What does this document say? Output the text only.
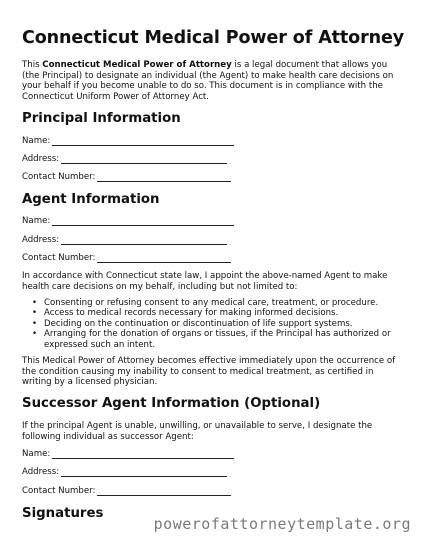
Connecticut Medical Power of Attorney

This Connecticut Medical Power of Attorney is a legal document that allows you (the Principal) to designate an individual (the Agent) to make health care decisions on your behalf if you become unable to do so. This document is in compliance with the Connecticut Uniform Power of Attorney Act.

Principal Information
Name:
Address:
Contact Number:
Agent Information
Name:
Address:
Contact Number:

In accordance with Connecticut state law, I appoint the above-named Agent to make health care decisions on my behalf, including but not limited to:

• Consenting or refusing consent to any medical care, treatment, or procedure.
• Access to medical records necessary for making informed decisions.
• Deciding on the continuation or discontinuation of life support systems.
• Arranging for the donation of organs or tissues, if the Principal has authorized or expressed such an intent.

This Medical Power of Attorney becomes effective immediately upon the occurrence of the condition causing my inability to consent to medical treatment, as certified in writing by a licensed physician.

Successor Agent Information (Optional)

If the principal Agent is unable, unwilling, or unavailable to serve, I designate the following individual as successor Agent:

Name:
Address:
Contact Number:
Signatures
powerofattorneytemplate.org
